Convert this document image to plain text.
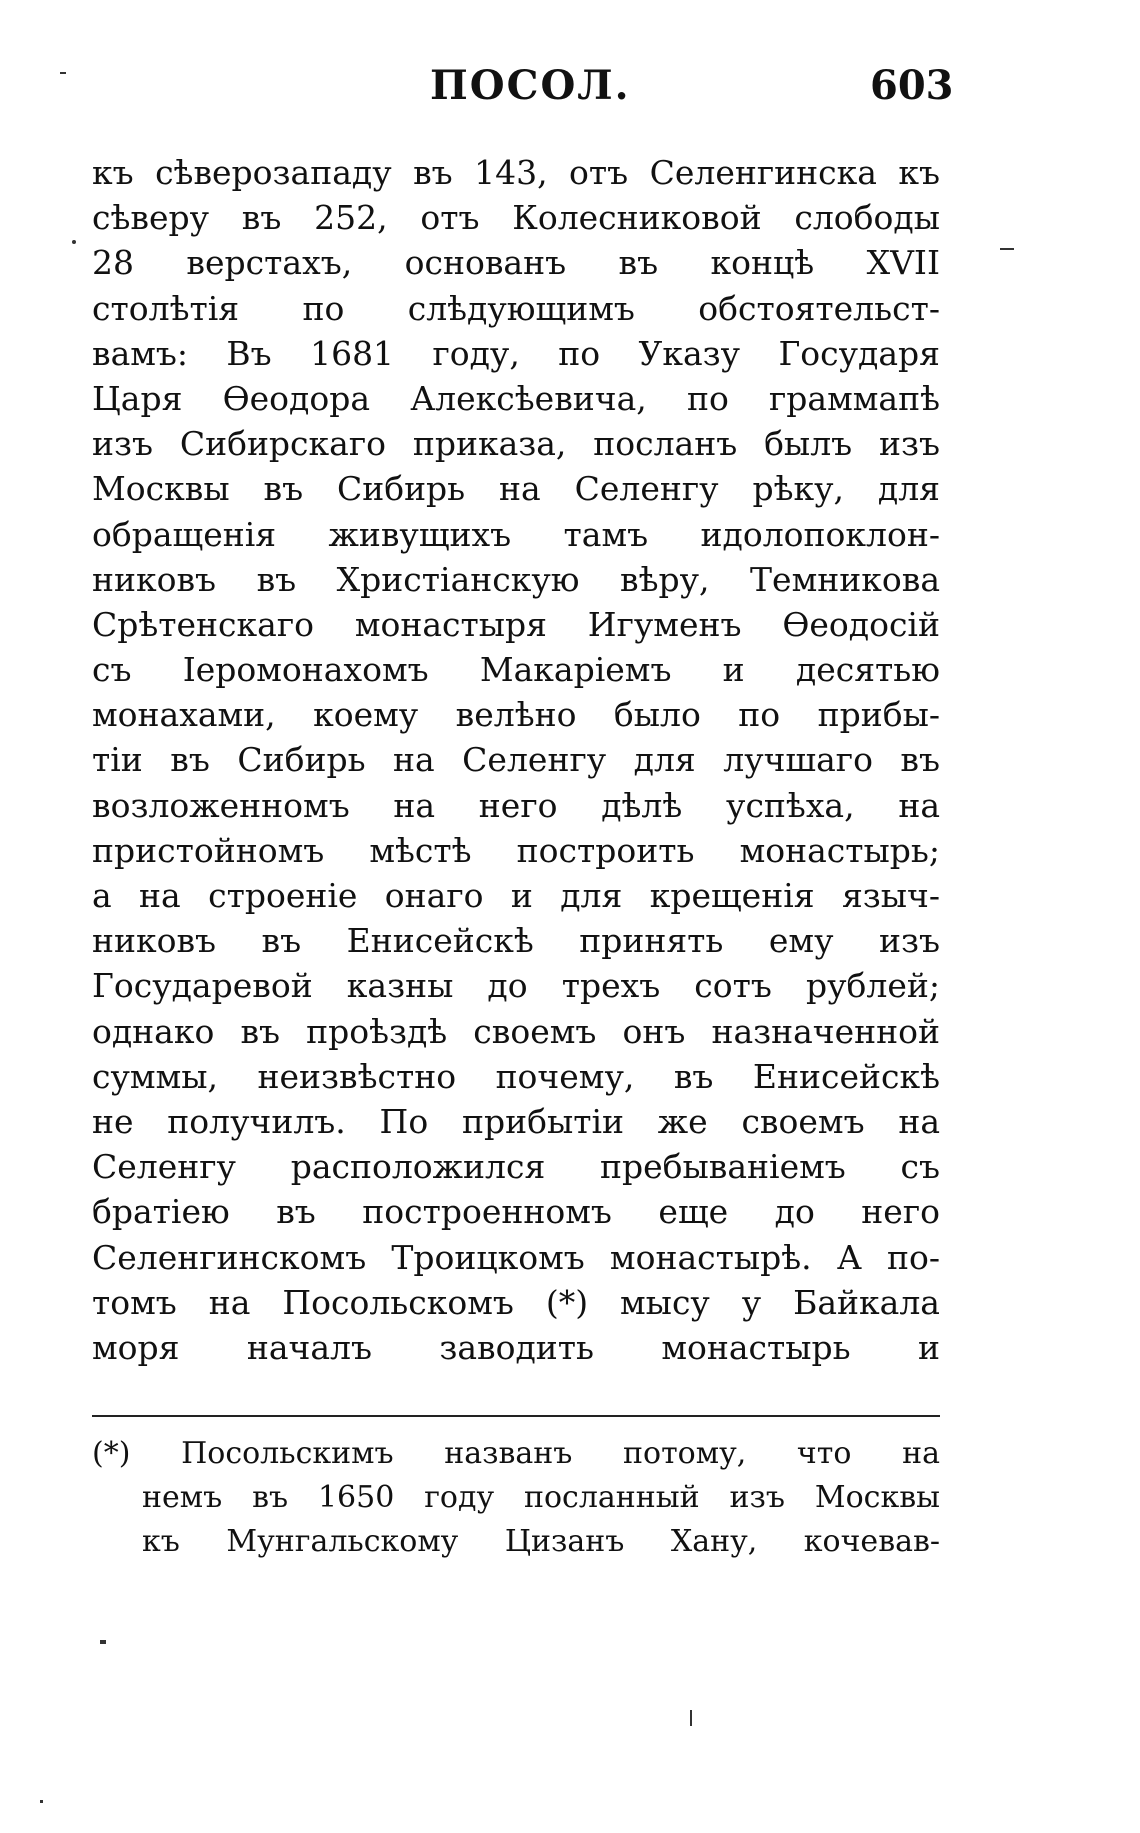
ПОСОЛ.	603
къ сѣверозападу въ 143, отъ Селенгинска къ
сѣверу въ 252, отъ Колесниковой слободы
28 верстахъ, основанъ въ концѣ XVII
столѣтія по слѣдующимъ обстоятельст-
вамъ: Въ 1681 году, по Указу Государя
Царя Ѳеодора Алексѣевича, по граммапѣ
изъ Сибирскаго приказа, посланъ былъ изъ
Москвы въ Сибирь на Селенгу рѣку, для
обращенія живущихъ тамъ идолопоклон-
никовъ въ Христіанскую вѣру, Темникова
Срѣтенскаго монастыря Игуменъ Ѳеодосій
съ Іеромонахомъ Макаріемъ и десятью
монахами, коему велѣно было по прибы-
тіи въ Сибирь на Селенгу для лучшаго въ
возложенномъ на него дѣлѣ успѣха, на
пристойномъ мѣстѣ построить монастырь;
а на строеніе онаго и для крещенія языч-
никовъ въ Енисейскѣ принять ему изъ
Государевой казны до трехъ сотъ рублей;
однако въ проѣздѣ своемъ онъ назначенной
суммы, неизвѣстно почему, въ Енисейскѣ
не получилъ. По прибытіи же своемъ на
Селенгу расположился пребываніемъ съ
братіею въ построенномъ еще до него
Селенгинскомъ Троицкомъ монастырѣ. А по-
томъ на Посольскомъ (*) мысу у Байкала
моря началъ заводить монастырь и
(*) Посольскимъ названъ потому, что на
немъ въ 1650 году посланный изъ Москвы
къ Мунгальскому Цизанъ Хану, кочевав-
